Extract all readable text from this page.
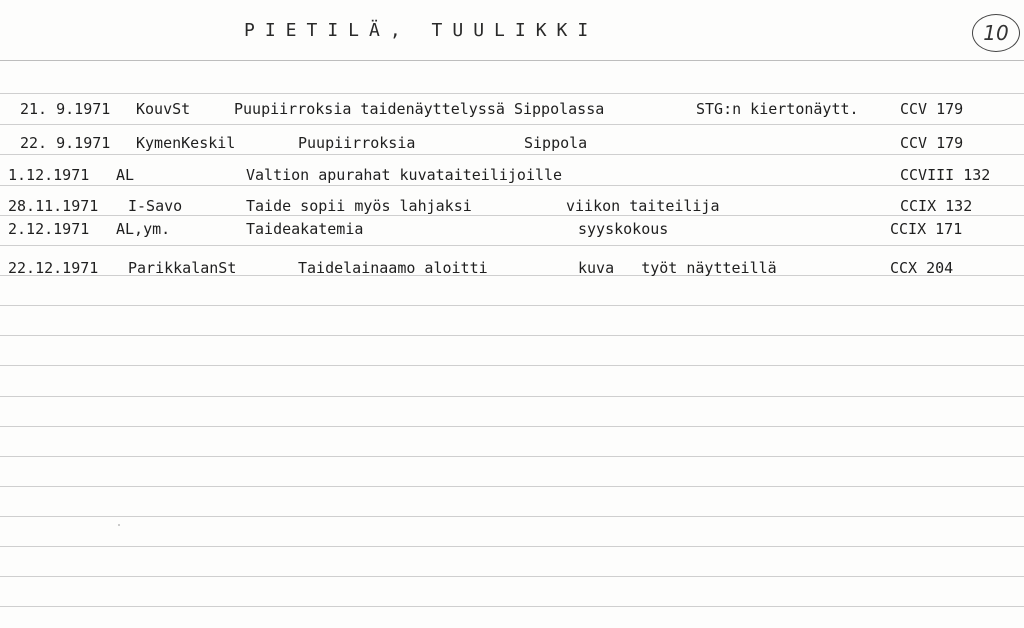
PIETILÄ, TUULIKKI	10
21. 9.1971 KouvSt	Puupiirroksia taidenäyttelyssä Sippolassa	STG:n kiertonäytt.	CCV 179
22. 9.1971 KymenKeskil	Puupiirroksia	Sippola	CCV 179
1.12.1971 AL	Valtion apurahat kuvataiteilijoille	CCVIII 132
28.11.1971 I-Savo	Taide sopii myös lahjaksi	viikon taiteilija	CCIX 132
2.12.1971 AL,ym.	Taideakatemia	syyskokous	CCIX 171
22.12.1971 ParikkalanSt	Taidelainaamo aloitti	kuva   työt näytteillä	CCX 204
